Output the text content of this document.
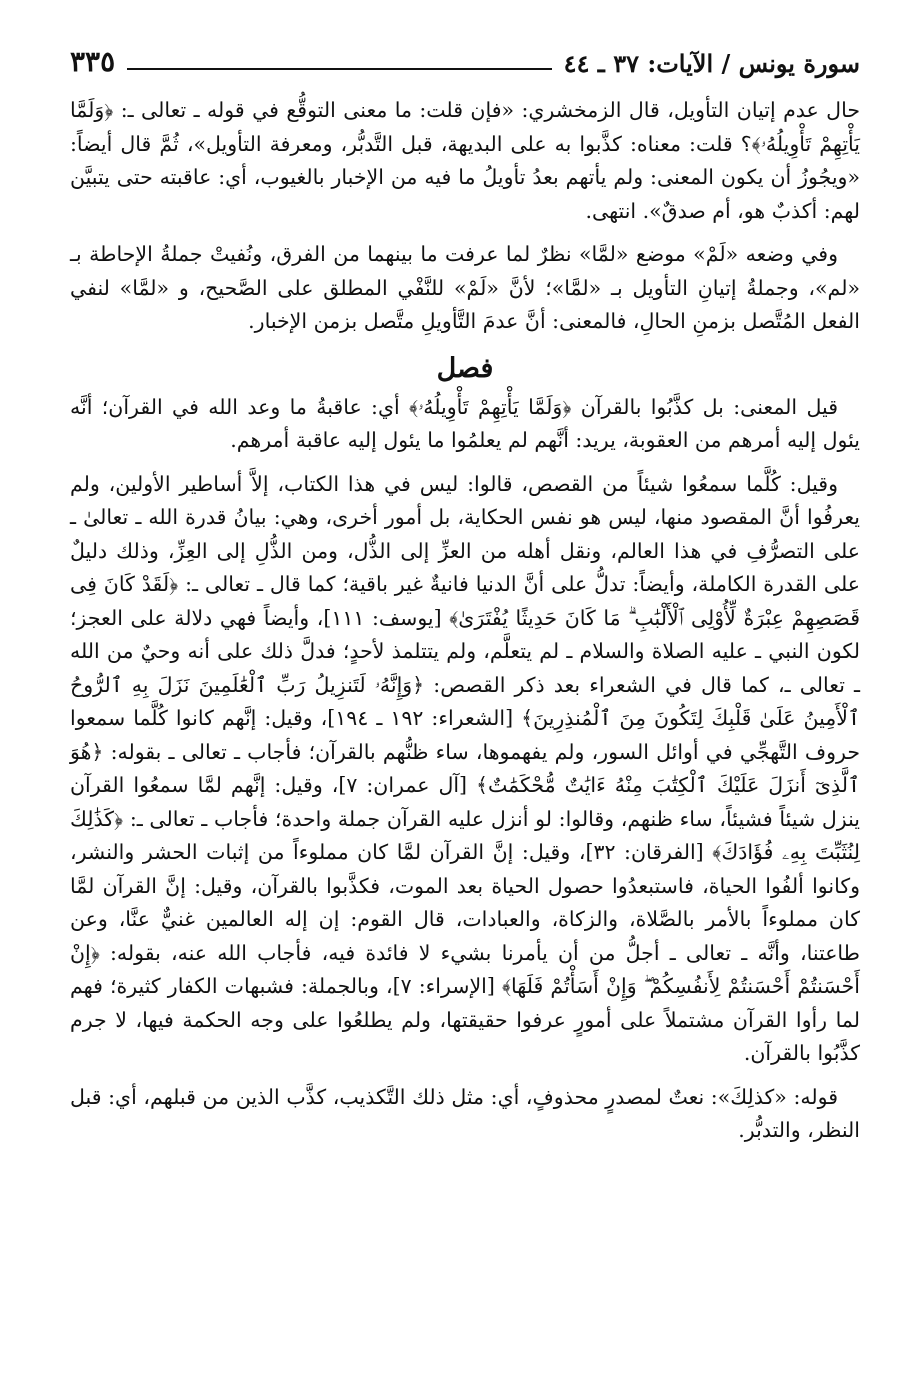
سورة يونس / الآيات: ٣٧ ـ ٤٤
٣٣٥

حال عدم إتيان التأويل، قال الزمخشري: «فإن قلت: ما معنى التوقُّع في قوله ـ تعالى ـ: ﴿وَلَمَّا يَأْتِهِمْ تَأْوِيلُهُۥ﴾؟ قلت: معناه: كذَّبوا به على البديهة، قبل التَّدبُّر، ومعرفة التأويل»، ثُمَّ قال أيضاً: «ويجُوزُ أن يكون المعنى: ولم يأتهم بعدُ تأويلُ ما فيه من الإخبار بالغيوب، أي: عاقبته حتى يتبيَّن لهم: أكذبٌ هو، أم صدقٌ». انتهى.

وفي وضعه «لَمْ» موضع «لمَّا» نظرٌ لما عرفت ما بينهما من الفرق، ونُفيتْ جملةُ الإحاطة بـ «لم»، وجملةُ إتيانِ التأويل بـ «لمَّا»؛ لأنَّ «لَمْ» للنَّفْي المطلق على الصَّحيح، و «لمَّا» لنفي الفعل المُتَّصل بزمنِ الحالِ، فالمعنى: أنَّ عدمَ التَّأويلِ متَّصل بزمن الإخبار.

فصل

قيل المعنى: بل كذَّبُوا بالقرآن ﴿وَلَمَّا يَأْتِهِمْ تَأْوِيلُهُۥ﴾ أي: عاقبةُ ما وعد الله في القرآن؛ أنَّه يئول إليه أمرهم من العقوبة، يريد: أنَّهم لم يعلمُوا ما يئول إليه عاقبة أمرهم.

وقيل: كُلَّما سمعُوا شيئاً من القصص، قالوا: ليس في هذا الكتاب، إلاَّ أساطير الأولين، ولم يعرفُوا أنَّ المقصود منها، ليس هو نفس الحكاية، بل أمور أخرى، وهي: بيانُ قدرة الله ـ تعالىٰ ـ على التصرُّفِ في هذا العالم، ونقل أهله من العزِّ إلى الذُّل، ومن الذُّلِ إلى العِزِّ، وذلك دليلٌ على القدرة الكاملة، وأيضاً: تدلُّ على أنَّ الدنيا فانيةٌ غير باقية؛ كما قال ـ تعالى ـ: ﴿لَقَدْ كَانَ فِى قَصَصِهِمْ عِبْرَةٌ لِّأُوْلِى ٱلْأَلْبَٰبِ ۗ مَا كَانَ حَدِيثًا يُفْتَرَىٰ﴾ [يوسف: ١١١]، وأيضاً فهي دلالة على العجز؛ لكون النبي ـ عليه الصلاة والسلام ـ لم يتعلَّم، ولم يتتلمذ لأحدٍ؛ فدلَّ ذلك على أنه وحيٌ من الله ـ تعالى ـ، كما قال في الشعراء بعد ذكر القصص: ﴿وَإِنَّهُۥ لَتَنزِيلُ رَبِّ ٱلْعَٰلَمِينَ نَزَلَ بِهِ ٱلرُّوحُ ٱلْأَمِينُ عَلَىٰ قَلْبِكَ لِتَكُونَ مِنَ ٱلْمُنذِرِينَ﴾ [الشعراء: ١٩٢ ـ ١٩٤]، وقيل: إنَّهم كانوا كُلَّما سمعوا حروف التَّهجِّي في أوائل السور، ولم يفهموها، ساء ظنُّهم بالقرآن؛ فأجاب ـ تعالى ـ بقوله: ﴿هُوَ ٱلَّذِىٓ أَنزَلَ عَلَيْكَ ٱلْكِتَٰبَ مِنْهُ ءَايَٰتٌ مُّحْكَمَٰتٌ﴾ [آل عمران: ٧]، وقيل: إنَّهم لمَّا سمعُوا القرآن ينزل شيئاً فشيئاً، ساء ظنهم، وقالوا: لو أنزل عليه القرآن جملة واحدة؛ فأجاب ـ تعالى ـ: ﴿كَذَٰلِكَ لِنُثَبِّتَ بِهِۦ فُؤَادَكَ﴾ [الفرقان: ٣٢]، وقيل: إنَّ القرآن لمَّا كان مملوءاً من إثبات الحشر والنشر، وكانوا ألفُوا الحياة، فاستبعدُوا حصول الحياة بعد الموت، فكذَّبوا بالقرآن، وقيل: إنَّ القرآن لمَّا كان مملوءاً بالأمر بالصَّلاة، والزكاة، والعبادات، قال القوم: إن إله العالمين غنيٌّ عنَّا، وعن طاعتنا، وأنَّه ـ تعالى ـ أجلُّ من أن يأمرنا بشيء لا فائدة فيه، فأجاب الله عنه، بقوله: ﴿إِنْ أَحْسَنتُمْ أَحْسَنتُمْ لِأَنفُسِكُمْ ۖ وَإِنْ أَسَأْتُمْ فَلَهَا﴾ [الإسراء: ٧]، وبالجملة: فشبهات الكفار كثيرة؛ فهم لما رأوا القرآن مشتملاً على أمورٍ عرفوا حقيقتها، ولم يطلعُوا على وجه الحكمة فيها، لا جرم كذَّبُوا بالقرآن.

قوله: «كذلِكَ»: نعتٌ لمصدرٍ محذوفٍ، أي: مثل ذلك التَّكذيب، كذَّب الذين من قبلهم، أي: قبل النظر، والتدبُّر.
